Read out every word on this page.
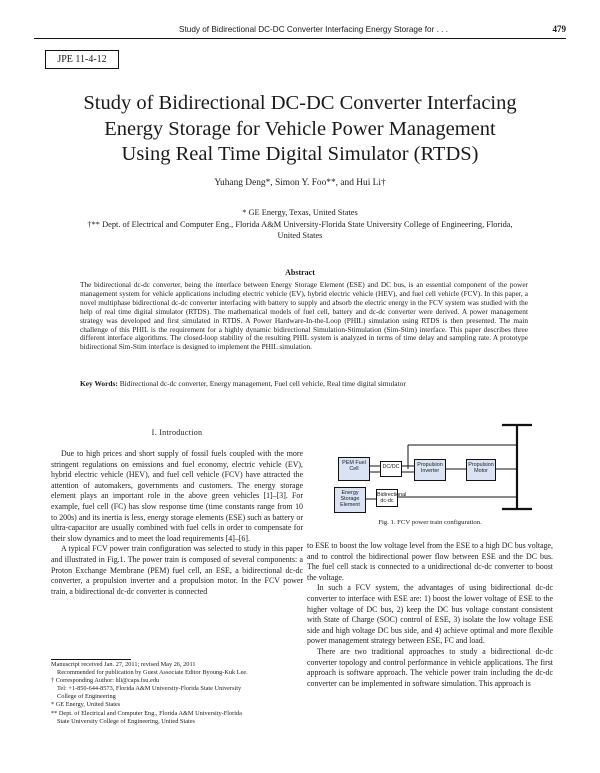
Study of Bidirectional DC-DC Converter Interfacing Energy Storage for . . .	479
JPE 11-4-12
Study of Bidirectional DC-DC Converter Interfacing
Energy Storage for Vehicle Power Management
Using Real Time Digital Simulator (RTDS)
Yuhang Deng*, Simon Y. Foo**, and Hui Li†
* GE Energy, Texas, United States
†** Dept. of Electrical and Computer Eng., Florida A&M University-Florida State University College of Engineering, Florida,
United States
Abstract
The bidirectional dc-dc converter, being the interface between Energy Storage Element (ESE) and DC bus, is an essential component of the power management system for vehicle applications including electric vehicle (EV), hybrid electric vehicle (HEV), and fuel cell vehicle (FCV). In this paper, a novel multiphase bidirectional dc-dc converter interfacing with battery to supply and absorb the electric energy in the FCV system was studied with the help of real time digital simulator (RTDS). The mathematical models of fuel cell, battery and dc-dc converter were derived. A power management strategy was developed and first simulated in RTDS. A Power Hardware-In-the-Loop (PHIL) simulation using RTDS is then presented. The main challenge of this PHIL is the requirement for a highly dynamic bidirectional Simulation-Stimulation (Sim-Stim) interface. This paper describes three different interface algorithms. The closed-loop stability of the resulting PHIL system is analyzed in terms of time delay and sampling rate. A prototype bidirectional Sim-Stim interface is designed to implement the PHIL simulation.
Key Words: Bidirectional dc-dc converter, Energy management, Fuel cell vehicle, Real time digital simulator
I. Introduction

Due to high prices and short supply of fossil fuels coupled with the more stringent regulations on emissions and fuel economy, electric vehicle (EV), hybrid electric vehicle (HEV), and fuel cell vehicle (FCV) have attracted the attention of automakers, governments and customers. The energy storage element plays an important role in the above green vehicles [1]–[3]. For example, fuel cell (FC) has slow response time (time constants range from 10 to 200s) and its inertia is less, energy storage elements (ESE) such as battery or ultra-capacitor are usually combined with fuel cells in order to compensate for their slow dynamics and to meet the load requirements [4]–[6].

A typical FCV power train configuration was selected to study in this paper and illustrated in Fig.1. The power train is composed of several components: a Proton Exchange Membrane (PEM) fuel cell, an ESE, a bidirectional dc-dc converter, a propulsion inverter and a propulsion motor. In the FCV power train, a bidirectional dc-dc converter is connected

Manuscript received Jan. 27, 2011; revised May 26, 2011
Recommended for publication by Guest Associate Editor Byoung-Kuk Lee.
† Corresponding Author: hli@caps.fsu.edu
Tel: +1-850-644-8573, Florida A&M University-Florida State University
College of Engineering
* GE Energy, United States
** Dept. of Electrical and Computer Eng., Florida A&M University-Florida
State University College of Engineering, United States
PEM Fuel Cell	DC/DC	Propulsion Inverter
Propulsion Motor
Energy Storage Element
Bidirectional dc-dc
Fig. 1. FCV power train configuration.

to ESE to boost the low voltage level from the ESE to a high DC bus voltage, and to control the bidirectional power flow between ESE and the DC bus. The fuel cell stack is connected to a unidirectional dc-dc converter to boost the voltage.

In such a FCV system, the advantages of using bidirectional dc-dc converter to interface with ESE are: 1) boost the lower voltage of ESE to the higher voltage of DC bus, 2) keep the DC bus voltage constant consistent with State of Charge (SOC) control of ESE, 3) isolate the low voltage ESE side and high voltage DC bus side, and 4) achieve optimal and more flexible power management strategy between ESE, FC and load.

There are two traditional approaches to study a bidirectional dc-dc converter topology and control performance in vehicle applications. The first approach is software approach. The vehicle power train including the dc-dc converter can be implemented in software simulation. This approach is
